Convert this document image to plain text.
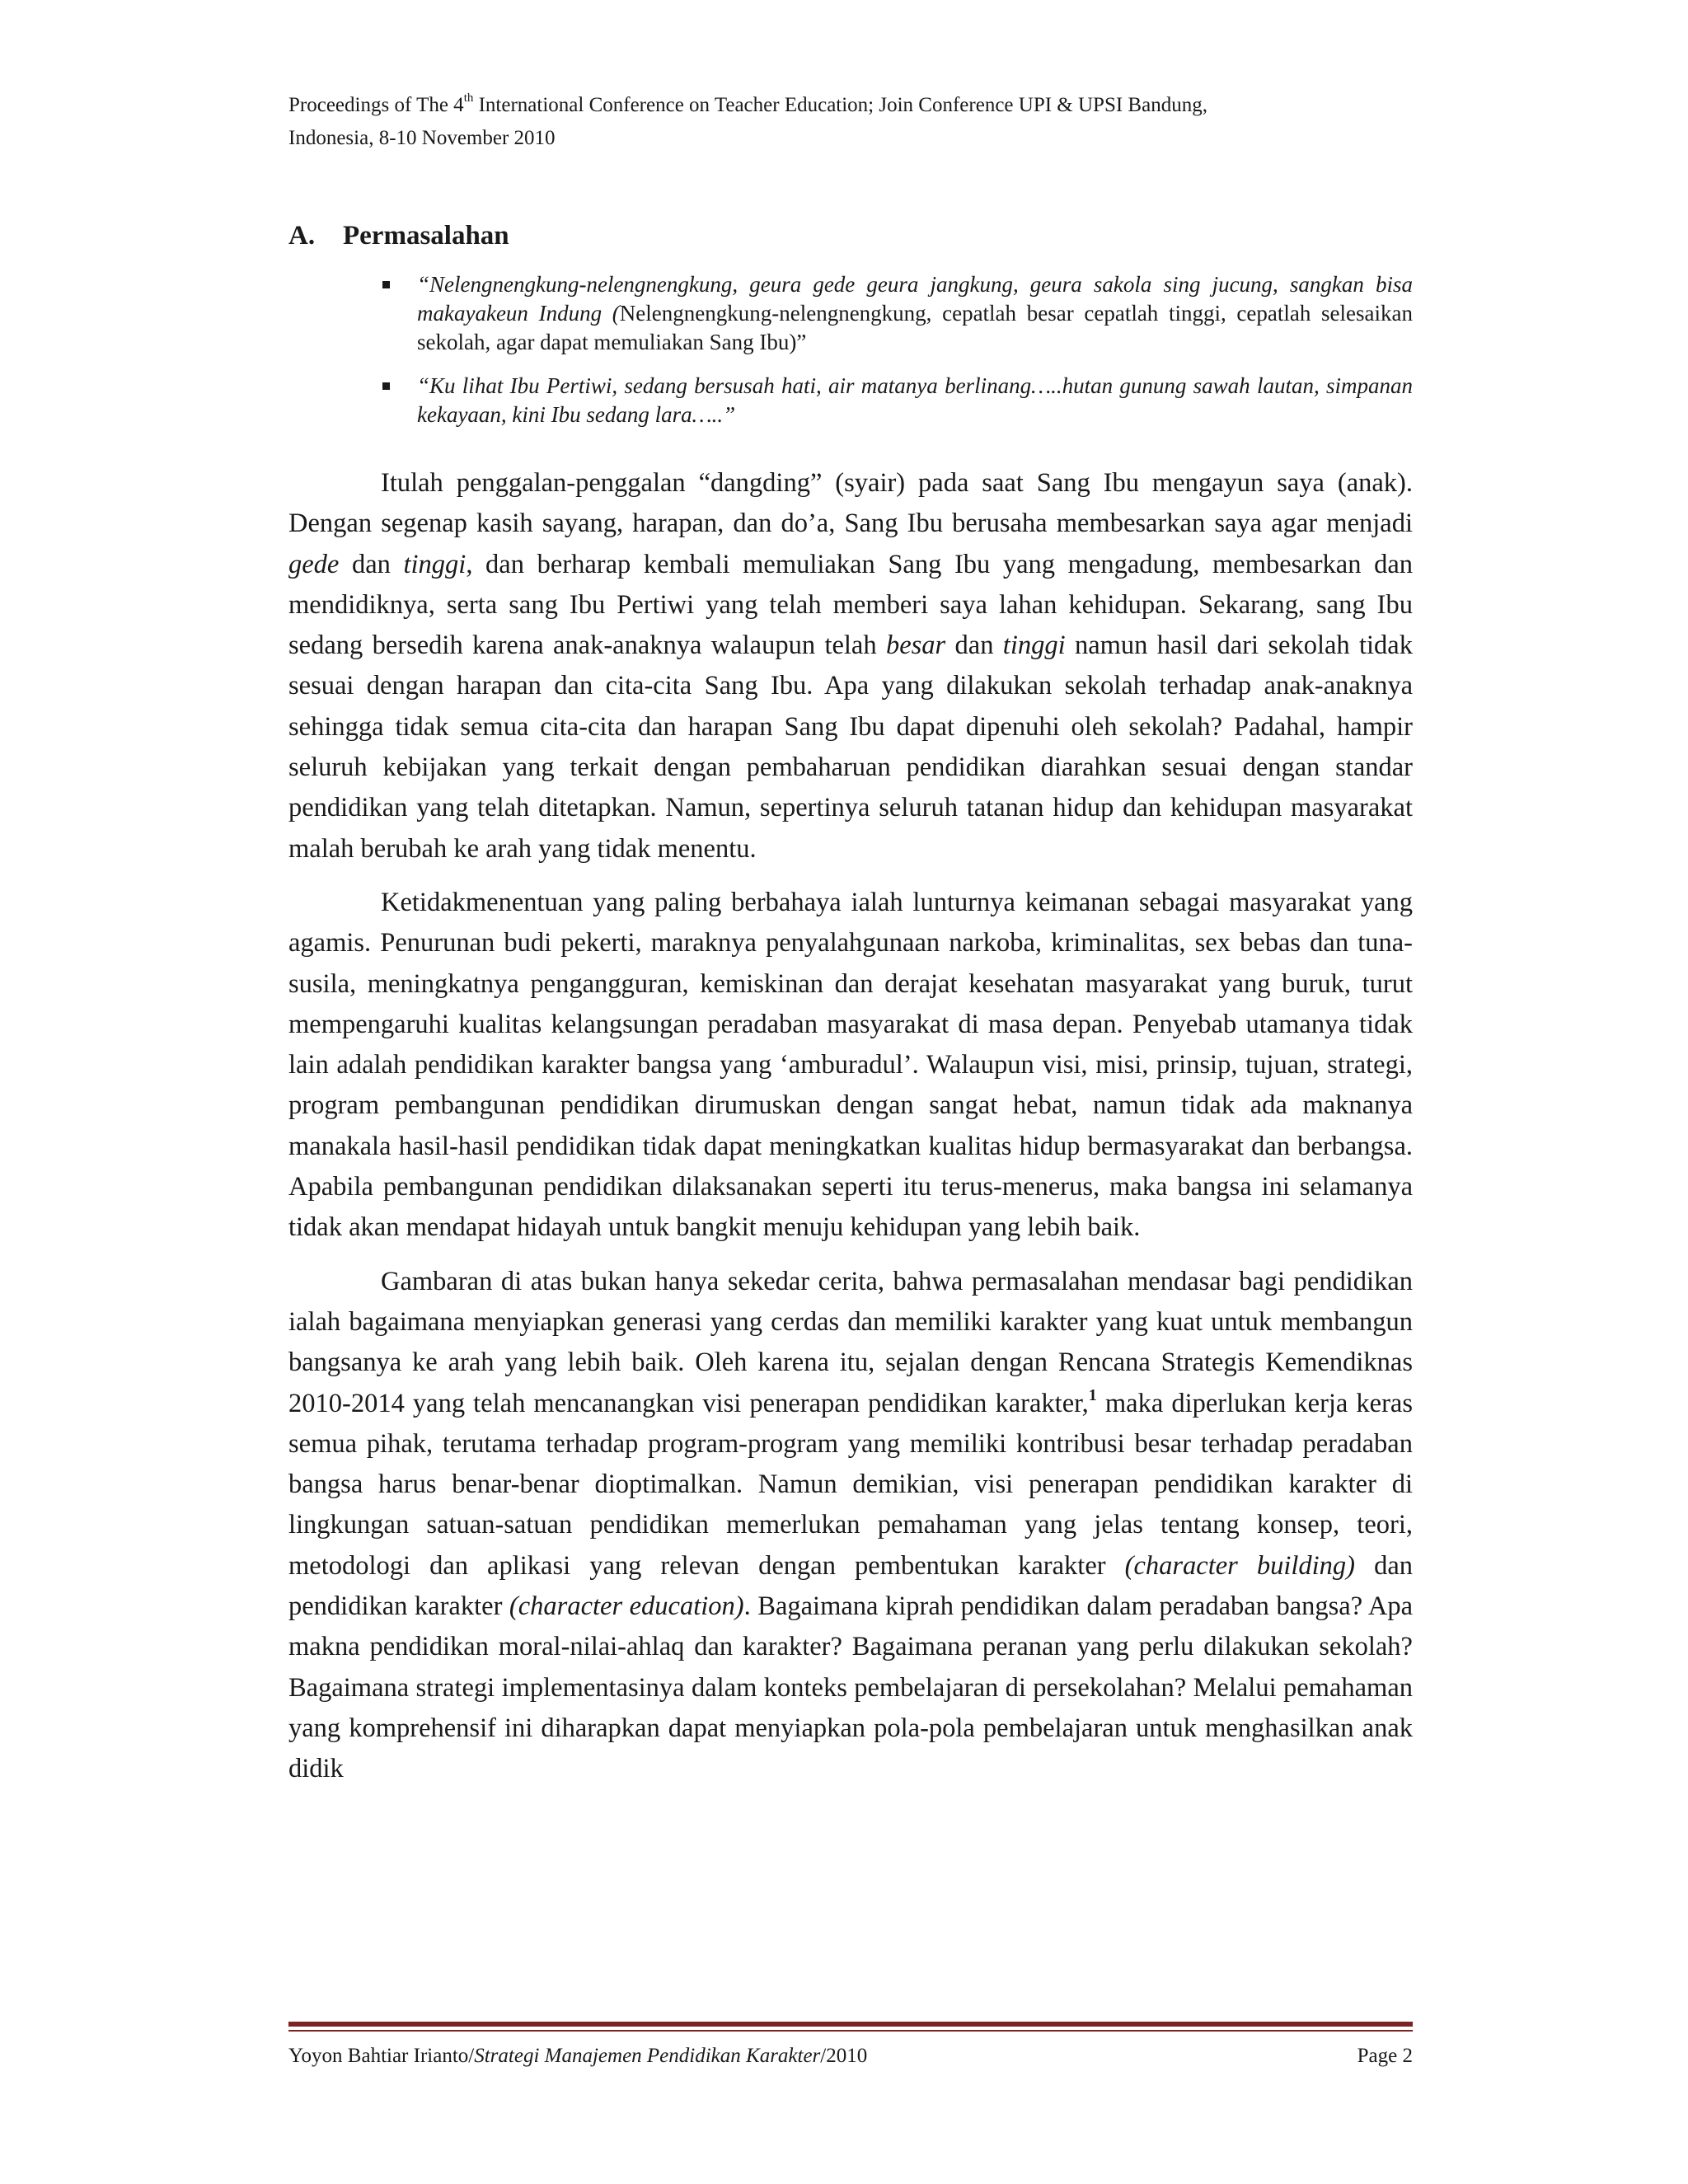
Proceedings of The 4th International Conference on Teacher Education; Join Conference UPI & UPSI Bandung,
Indonesia, 8-10 November 2010
A. Permasalahan
“Nelengnengkung-nelengnengkung, geura gede geura jangkung, geura sakola sing jucung, sangkan bisa makayakeun Indung (Nelengnengkung-nelengnengkung, cepatlah besar cepatlah tinggi, cepatlah selesaikan sekolah, agar dapat memuliakan Sang Ibu)”
“Ku lihat Ibu Pertiwi, sedang bersusah hati, air matanya berlinang…..hutan gunung sawah lautan, simpanan kekayaan, kini Ibu sedang lara…..”

Itulah penggalan-penggalan “dangding” (syair) pada saat Sang Ibu mengayun saya (anak). Dengan segenap kasih sayang, harapan, dan do’a, Sang Ibu berusaha membesarkan saya agar menjadi gede dan tinggi, dan berharap kembali memuliakan Sang Ibu yang mengadung, membesarkan dan mendidiknya, serta sang Ibu Pertiwi yang telah memberi saya lahan kehidupan. Sekarang, sang Ibu sedang bersedih karena anak-anaknya walaupun telah besar dan tinggi namun hasil dari sekolah tidak sesuai dengan harapan dan cita-cita Sang Ibu. Apa yang dilakukan sekolah terhadap anak-anaknya sehingga tidak semua cita-cita dan harapan Sang Ibu dapat dipenuhi oleh sekolah? Padahal, hampir seluruh kebijakan yang terkait dengan pembaharuan pendidikan diarahkan sesuai dengan standar pendidikan yang telah ditetapkan. Namun, sepertinya seluruh tatanan hidup dan kehidupan masyarakat malah berubah ke arah yang tidak menentu.

Ketidakmenentuan yang paling berbahaya ialah lunturnya keimanan sebagai masyarakat yang agamis. Penurunan budi pekerti, maraknya penyalahgunaan narkoba, kriminalitas, sex bebas dan tuna-susila, meningkatnya pengangguran, kemiskinan dan derajat kesehatan masyarakat yang buruk, turut mempengaruhi kualitas kelangsungan peradaban masyarakat di masa depan. Penyebab utamanya tidak lain adalah pendidikan karakter bangsa yang ‘amburadul’. Walaupun visi, misi, prinsip, tujuan, strategi, program pembangunan pendidikan dirumuskan dengan sangat hebat, namun tidak ada maknanya manakala hasil-hasil pendidikan tidak dapat meningkatkan kualitas hidup bermasyarakat dan berbangsa. Apabila pembangunan pendidikan dilaksanakan seperti itu terus-menerus, maka bangsa ini selamanya tidak akan mendapat hidayah untuk bangkit menuju kehidupan yang lebih baik.

Gambaran di atas bukan hanya sekedar cerita, bahwa permasalahan mendasar bagi pendidikan ialah bagaimana menyiapkan generasi yang cerdas dan memiliki karakter yang kuat untuk membangun bangsanya ke arah yang lebih baik. Oleh karena itu, sejalan dengan Rencana Strategis Kemendiknas 2010-2014 yang telah mencanangkan visi penerapan pendidikan karakter,$^1$ maka diperlukan kerja keras semua pihak, terutama terhadap program-program yang memiliki kontribusi besar terhadap peradaban bangsa harus benar-benar dioptimalkan. Namun demikian, visi penerapan pendidikan karakter di lingkungan satuan-satuan pendidikan memerlukan pemahaman yang jelas tentang konsep, teori, metodologi dan aplikasi yang relevan dengan pembentukan karakter (character building) dan pendidikan karakter (character education). Bagaimana kiprah pendidikan dalam peradaban bangsa? Apa makna pendidikan moral-nilai-ahlaq dan karakter? Bagaimana peranan yang perlu dilakukan sekolah? Bagaimana strategi implementasinya dalam konteks pembelajaran di persekolahan? Melalui pemahaman yang komprehensif ini diharapkan dapat menyiapkan pola-pola pembelajaran untuk menghasilkan anak didik

Yoyon Bahtiar Irianto/Strategi Manajemen Pendidikan Karakter/2010	Page 2
